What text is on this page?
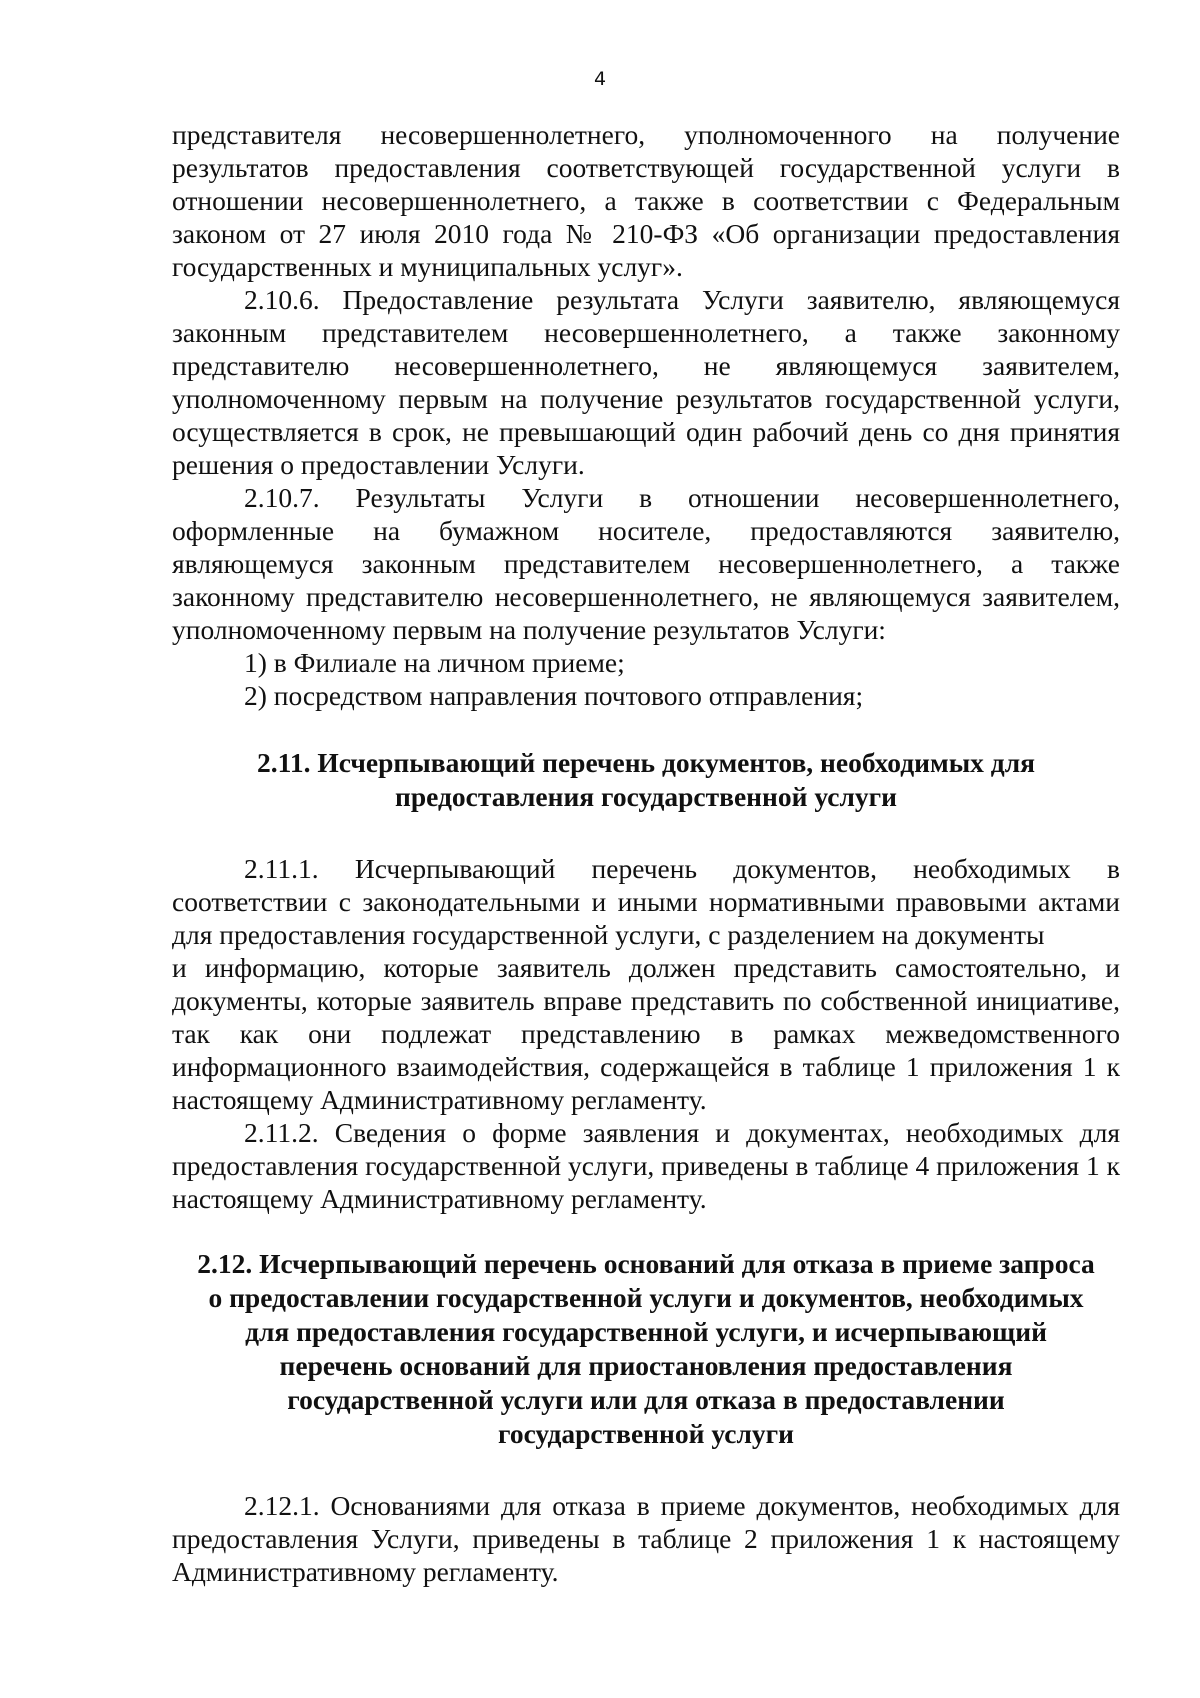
4

представителя несовершеннолетнего, уполномоченного на получение результатов предоставления соответствующей государственной услуги в отношении несовершеннолетнего, а также в соответствии с Федеральным законом от 27 июля 2010 года № 210-ФЗ «Об организации предоставления государственных и муниципальных услуг».

2.10.6. Предоставление результата Услуги заявителю, являющемуся законным представителем несовершеннолетнего, а также законному представителю несовершеннолетнего, не являющемуся заявителем, уполномоченному первым на получение результатов государственной услуги, осуществляется в срок, не превышающий один рабочий день со дня принятия решения о предоставлении Услуги.

2.10.7. Результаты Услуги в отношении несовершеннолетнего, оформленные на бумажном носителе, предоставляются заявителю, являющемуся законным представителем несовершеннолетнего, а также законному представителю несовершеннолетнего, не являющемуся заявителем, уполномоченному первым на получение результатов Услуги:

1) в Филиале на личном приеме;

2) посредством направления почтового отправления;

2.11. Исчерпывающий перечень документов, необходимых для
предоставления государственной услуги

2.11.1. Исчерпывающий перечень документов, необходимых в соответствии с законодательными и иными нормативными правовыми актами для предоставления государственной услуги, с разделением на документы

и информацию, которые заявитель должен представить самостоятельно, и документы, которые заявитель вправе представить по собственной инициативе, так как они подлежат представлению в рамках межведомственного информационного взаимодействия, содержащейся в таблице 1 приложения 1 к настоящему Административному регламенту.

2.11.2. Сведения о форме заявления и документах, необходимых для предоставления государственной услуги, приведены в таблице 4 приложения 1 к настоящему Административному регламенту.

2.12. Исчерпывающий перечень оснований для отказа в приеме запроса
о предоставлении государственной услуги и документов, необходимых
для предоставления государственной услуги, и исчерпывающий
перечень оснований для приостановления предоставления
государственной услуги или для отказа в предоставлении
государственной услуги

2.12.1. Основаниями для отказа в приеме документов, необходимых для предоставления Услуги, приведены в таблице 2 приложения 1 к настоящему Административному регламенту.
